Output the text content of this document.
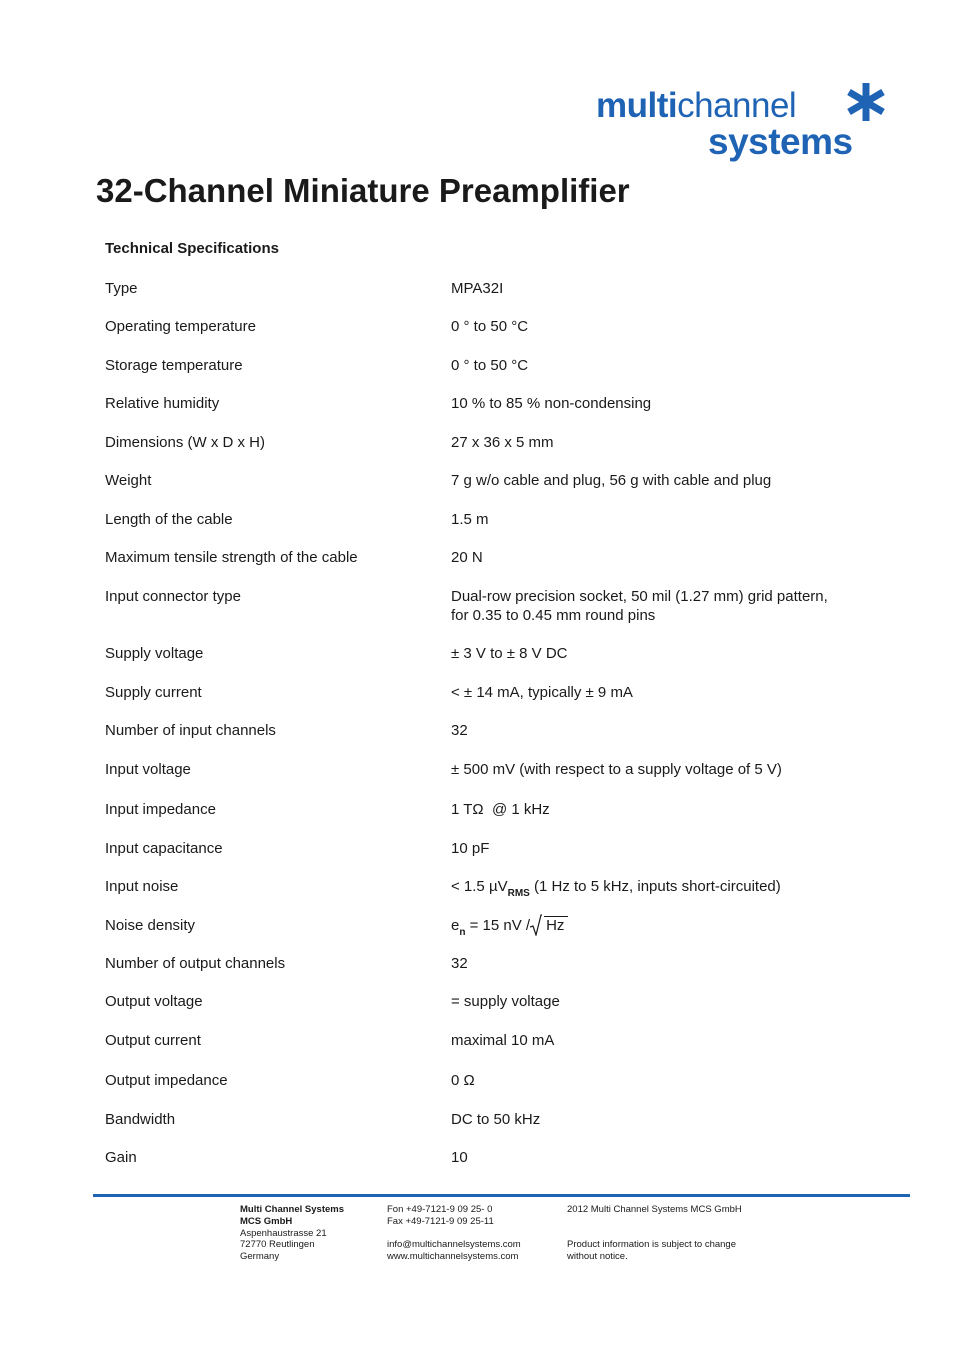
multichannel
systems
32-Channel Miniature Preamplifier
Technical Specifications
Type	MPA32I
Operating temperature	0 ° to 50 °C
Storage temperature	0 ° to 50 °C
Relative humidity	10 % to 85 % non-condensing
Dimensions (W x D x H)	27 x 36 x 5 mm
Weight	7 g w/o cable and plug, 56 g with cable and plug
Length of the cable	1.5 m
Maximum tensile strength of the cable	20 N
Input connector type	Dual-row precision socket, 50 mil (1.27 mm) grid pattern,
for 0.35 to 0.45 mm round pins
Supply voltage	± 3 V to ± 8 V DC
Supply current	< ± 14 mA, typically ± 9 mA
Number of input channels	32
Input voltage	± 500 mV (with respect to a supply voltage of 5 V)
Input impedance	1 TΩ  @ 1 kHz
Input capacitance	10 pF
Input noise	< 1.5 µV$_{RMS}$ (1 Hz to 5 kHz, inputs short-circuited)
Noise density	$e_n = 15$ nV / Hz
Number of output channels	32
Output voltage	= supply voltage
Output current	maximal 10 mA
Output impedance	0 Ω
Bandwidth	DC to 50 kHz
Gain	10
Multi Channel Systems
MCS GmbH
Aspenhaustrasse 21
72770 Reutlingen
Germany
Fon +49-7121-9 09 25- 0
Fax +49-7121-9 09 25-11
info@multichannelsystems.com
www.multichannelsystems.com
2012 Multi Channel Systems MCS GmbH
Product information is subject to change
without notice.
